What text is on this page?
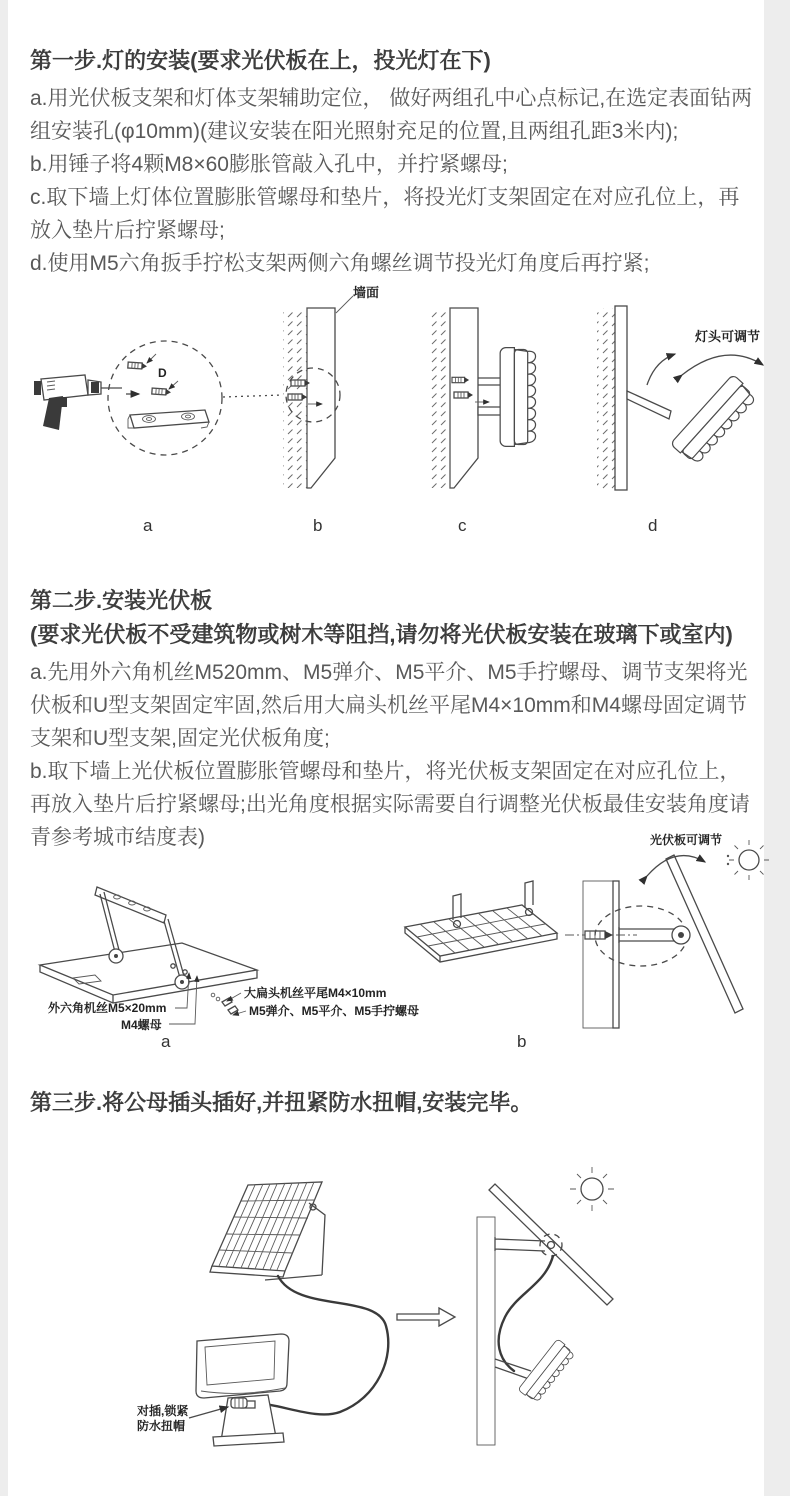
第一步.灯的安装(要求光伏板在上，投光灯在下)

a.用光伏板支架和灯体支架辅助定位， 做好两组孔中心点标记,在选定表面钻两组安装孔(φ10mm)(建议安装在阳光照射充足的位置,且两组孔距3米内);

b.用锤子将4颗M8×60膨胀管敲入孔中，并拧紧螺母;

c.取下墙上灯体位置膨胀管螺母和垫片，将投光灯支架固定在对应孔位上，再放入垫片后拧紧螺母;

d.使用M5六角扳手拧松支架两侧六角螺丝调节投光灯角度后再拧紧;

D
墙面
灯头可调节
a	b	c	d
第二步.安装光伏板
(要求光伏板不受建筑物或树木等阻挡,请勿将光伏板安装在玻璃下或室内)

a.先用外六角机丝M520mm、M5弹介、M5平介、M5手拧螺母、调节支架将光伏板和U型支架固定牢固,然后用大扁头机丝平尾M4×10mm和M4螺母固定调节支架和U型支架,固定光伏板角度;

b.取下墙上光伏板位置膨胀管螺母和垫片，将光伏板支架固定在对应孔位上，再放入垫片后拧紧螺母;出光角度根据实际需要自行调整光伏板最佳安装角度请青参考城市结度表)

外六角机丝M5×20mm
M4螺母
大扁头机丝平尾M4×10mm
M5弹介、M5平介、M5手拧螺母
光伏板可调节
a	b
第三步.将公母插头插好,并扭紧防水扭帽,安装完毕。
对插,锁紧
防水扭帽
